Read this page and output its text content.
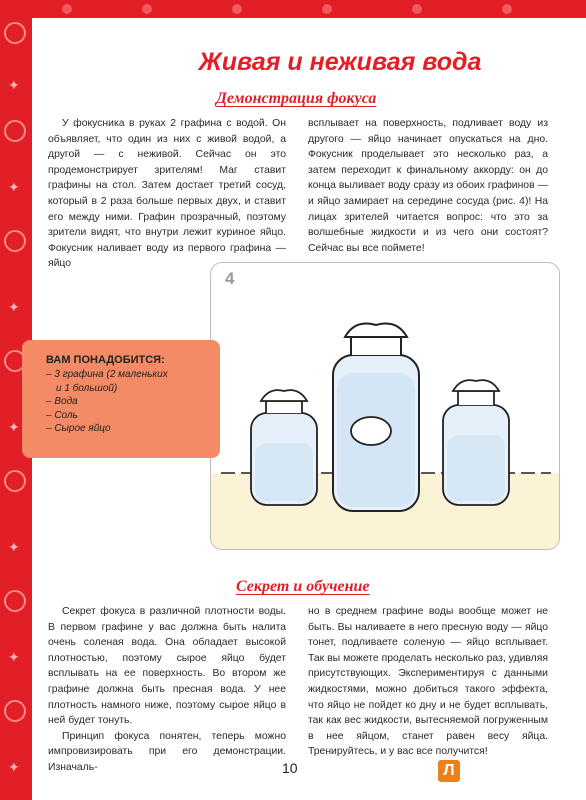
✦
✦
✦
✦
✦
✦
✦
Живая и неживая вода
Демонстрация фокуса

У фокусника в руках 2 графина с водой. Он объявляет, что один из них с живой водой, а другой — с неживой. Сейчас он это продемонстрирует зрителям! Маг ставит графины на стол. Затем достает третий сосуд, который в 2 раза больше первых двух, и ставит его между ними. Графин прозрачный, поэтому зрители видят, что внутри лежит куриное яйцо. Фокусник наливает воду из первого графина — яйцо

всплывает на поверхность, подливает воду из другого — яйцо начинает опускаться на дно. Фокусник проделывает это несколько раз, а затем переходит к финальному аккорду: он до конца выливает воду сразу из обоих графинов — и яйцо замирает на середине сосуда (рис. 4)! На лицах зрителей читается вопрос: что это за волшебные жидкости и из чего они состоят? Сейчас вы все поймете!

4
ВАМ ПОНАДОБИТСЯ:
– 3 графина (2 маленьких
и 1 большой)
– Вода
– Соль
– Сырое яйцо
Секрет и обучение

Секрет фокуса в различной плотности воды. В первом графине у вас должна быть налита очень соленая вода. Она обладает высокой плотностью, поэтому сырое яйцо будет всплывать на ее поверхность. Во втором же графине должна быть пресная вода. У нее плотность намного ниже, поэтому сырое яйцо в ней будет тонуть.

Принцип фокуса понятен, теперь можно импровизировать при его демонстрации. Изначаль-

но в среднем графине воды вообще может не быть. Вы наливаете в него пресную воду — яйцо тонет, подливаете соленую — яйцо всплывает. Так вы можете проделать несколько раз, удивляя присутствующих. Экспериментируя с данными жидкостями, можно добиться такого эффекта, что яйцо не пойдет ко дну и не будет всплывать, так как вес жидкости, вытесняемой погруженным в нее яйцом, станет равен весу яйца. Тренируйтесь, и у вас все получится!

10	Л
